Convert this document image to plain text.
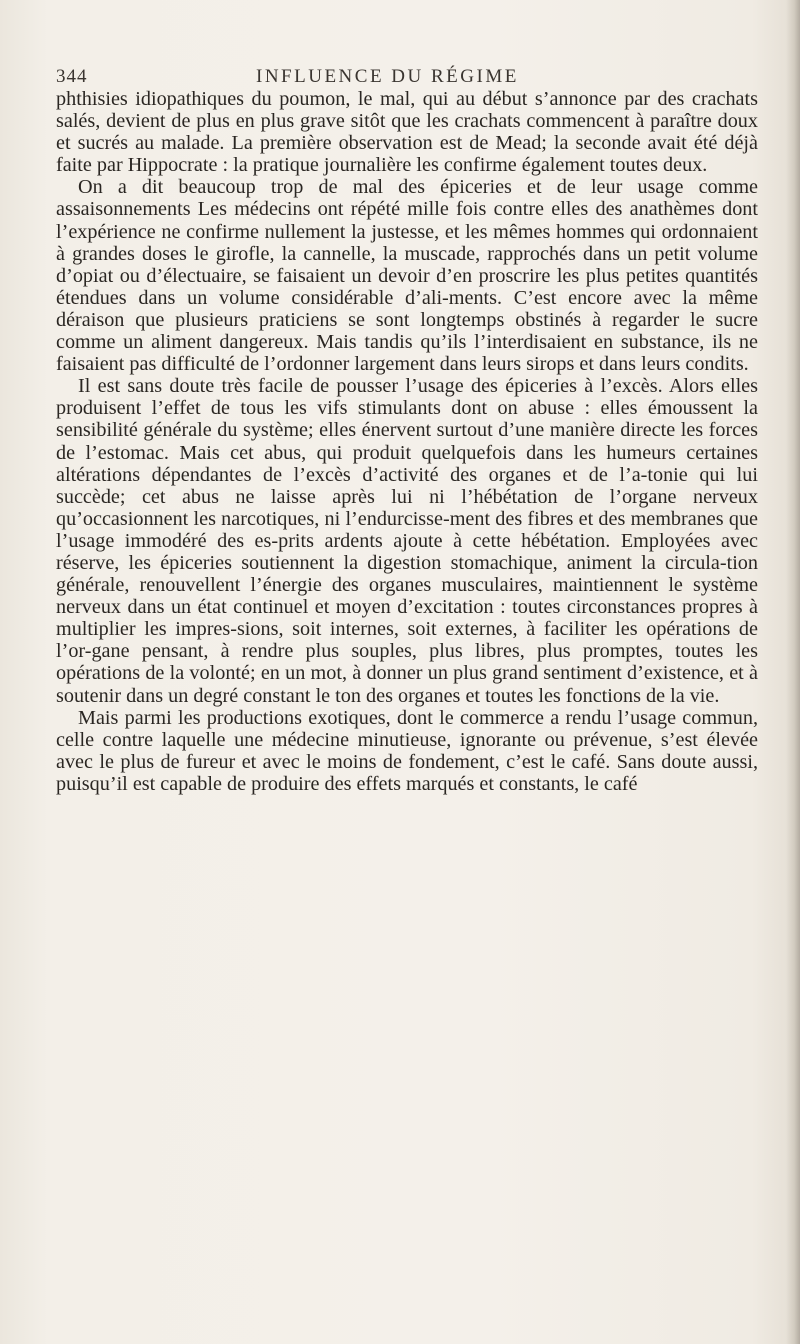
344	INFLUENCE DU RÉGIME

phthisies idiopathiques du poumon, le mal, qui au début s’annonce par des crachats salés, devient de plus en plus grave sitôt que les crachats commencent à paraître doux et sucrés au malade. La première observation est de Mead; la seconde avait été déjà faite par Hippocrate : la pratique journalière les confirme également toutes deux.

On a dit beaucoup trop de mal des épiceries et de leur usage comme assaisonnements Les médecins ont répété mille fois contre elles des anathèmes dont l’expérience ne confirme nullement la justesse, et les mêmes hommes qui ordonnaient à grandes doses le girofle, la cannelle, la muscade, rapprochés dans un petit volume d’opiat ou d’électuaire, se faisaient un devoir d’en proscrire les plus petites quantités étendues dans un volume considérable d’ali-ments. C’est encore avec la même déraison que plusieurs praticiens se sont longtemps obstinés à regarder le sucre comme un aliment dangereux. Mais tandis qu’ils l’interdisaient en substance, ils ne faisaient pas difficulté de l’ordonner largement dans leurs sirops et dans leurs condits.

Il est sans doute très facile de pousser l’usage des épiceries à l’excès. Alors elles produisent l’effet de tous les vifs stimulants dont on abuse : elles émoussent la sensibilité générale du système; elles énervent surtout d’une manière directe les forces de l’estomac. Mais cet abus, qui produit quelquefois dans les humeurs certaines altérations dépendantes de l’excès d’activité des organes et de l’a-tonie qui lui succède; cet abus ne laisse après lui ni l’hébétation de l’organe nerveux qu’occasionnent les narcotiques, ni l’endurcisse-ment des fibres et des membranes que l’usage immodéré des es-prits ardents ajoute à cette hébétation. Employées avec réserve, les épiceries soutiennent la digestion stomachique, animent la circula-tion générale, renouvellent l’énergie des organes musculaires, maintiennent le système nerveux dans un état continuel et moyen d’excitation : toutes circonstances propres à multiplier les impres-sions, soit internes, soit externes, à faciliter les opérations de l’or-gane pensant, à rendre plus souples, plus libres, plus promptes, toutes les opérations de la volonté; en un mot, à donner un plus grand sentiment d’existence, et à soutenir dans un degré constant le ton des organes et toutes les fonctions de la vie.

Mais parmi les productions exotiques, dont le commerce a rendu l’usage commun, celle contre laquelle une médecine minutieuse, ignorante ou prévenue, s’est élevée avec le plus de fureur et avec le moins de fondement, c’est le café. Sans doute aussi, puisqu’il est capable de produire des effets marqués et constants, le café
